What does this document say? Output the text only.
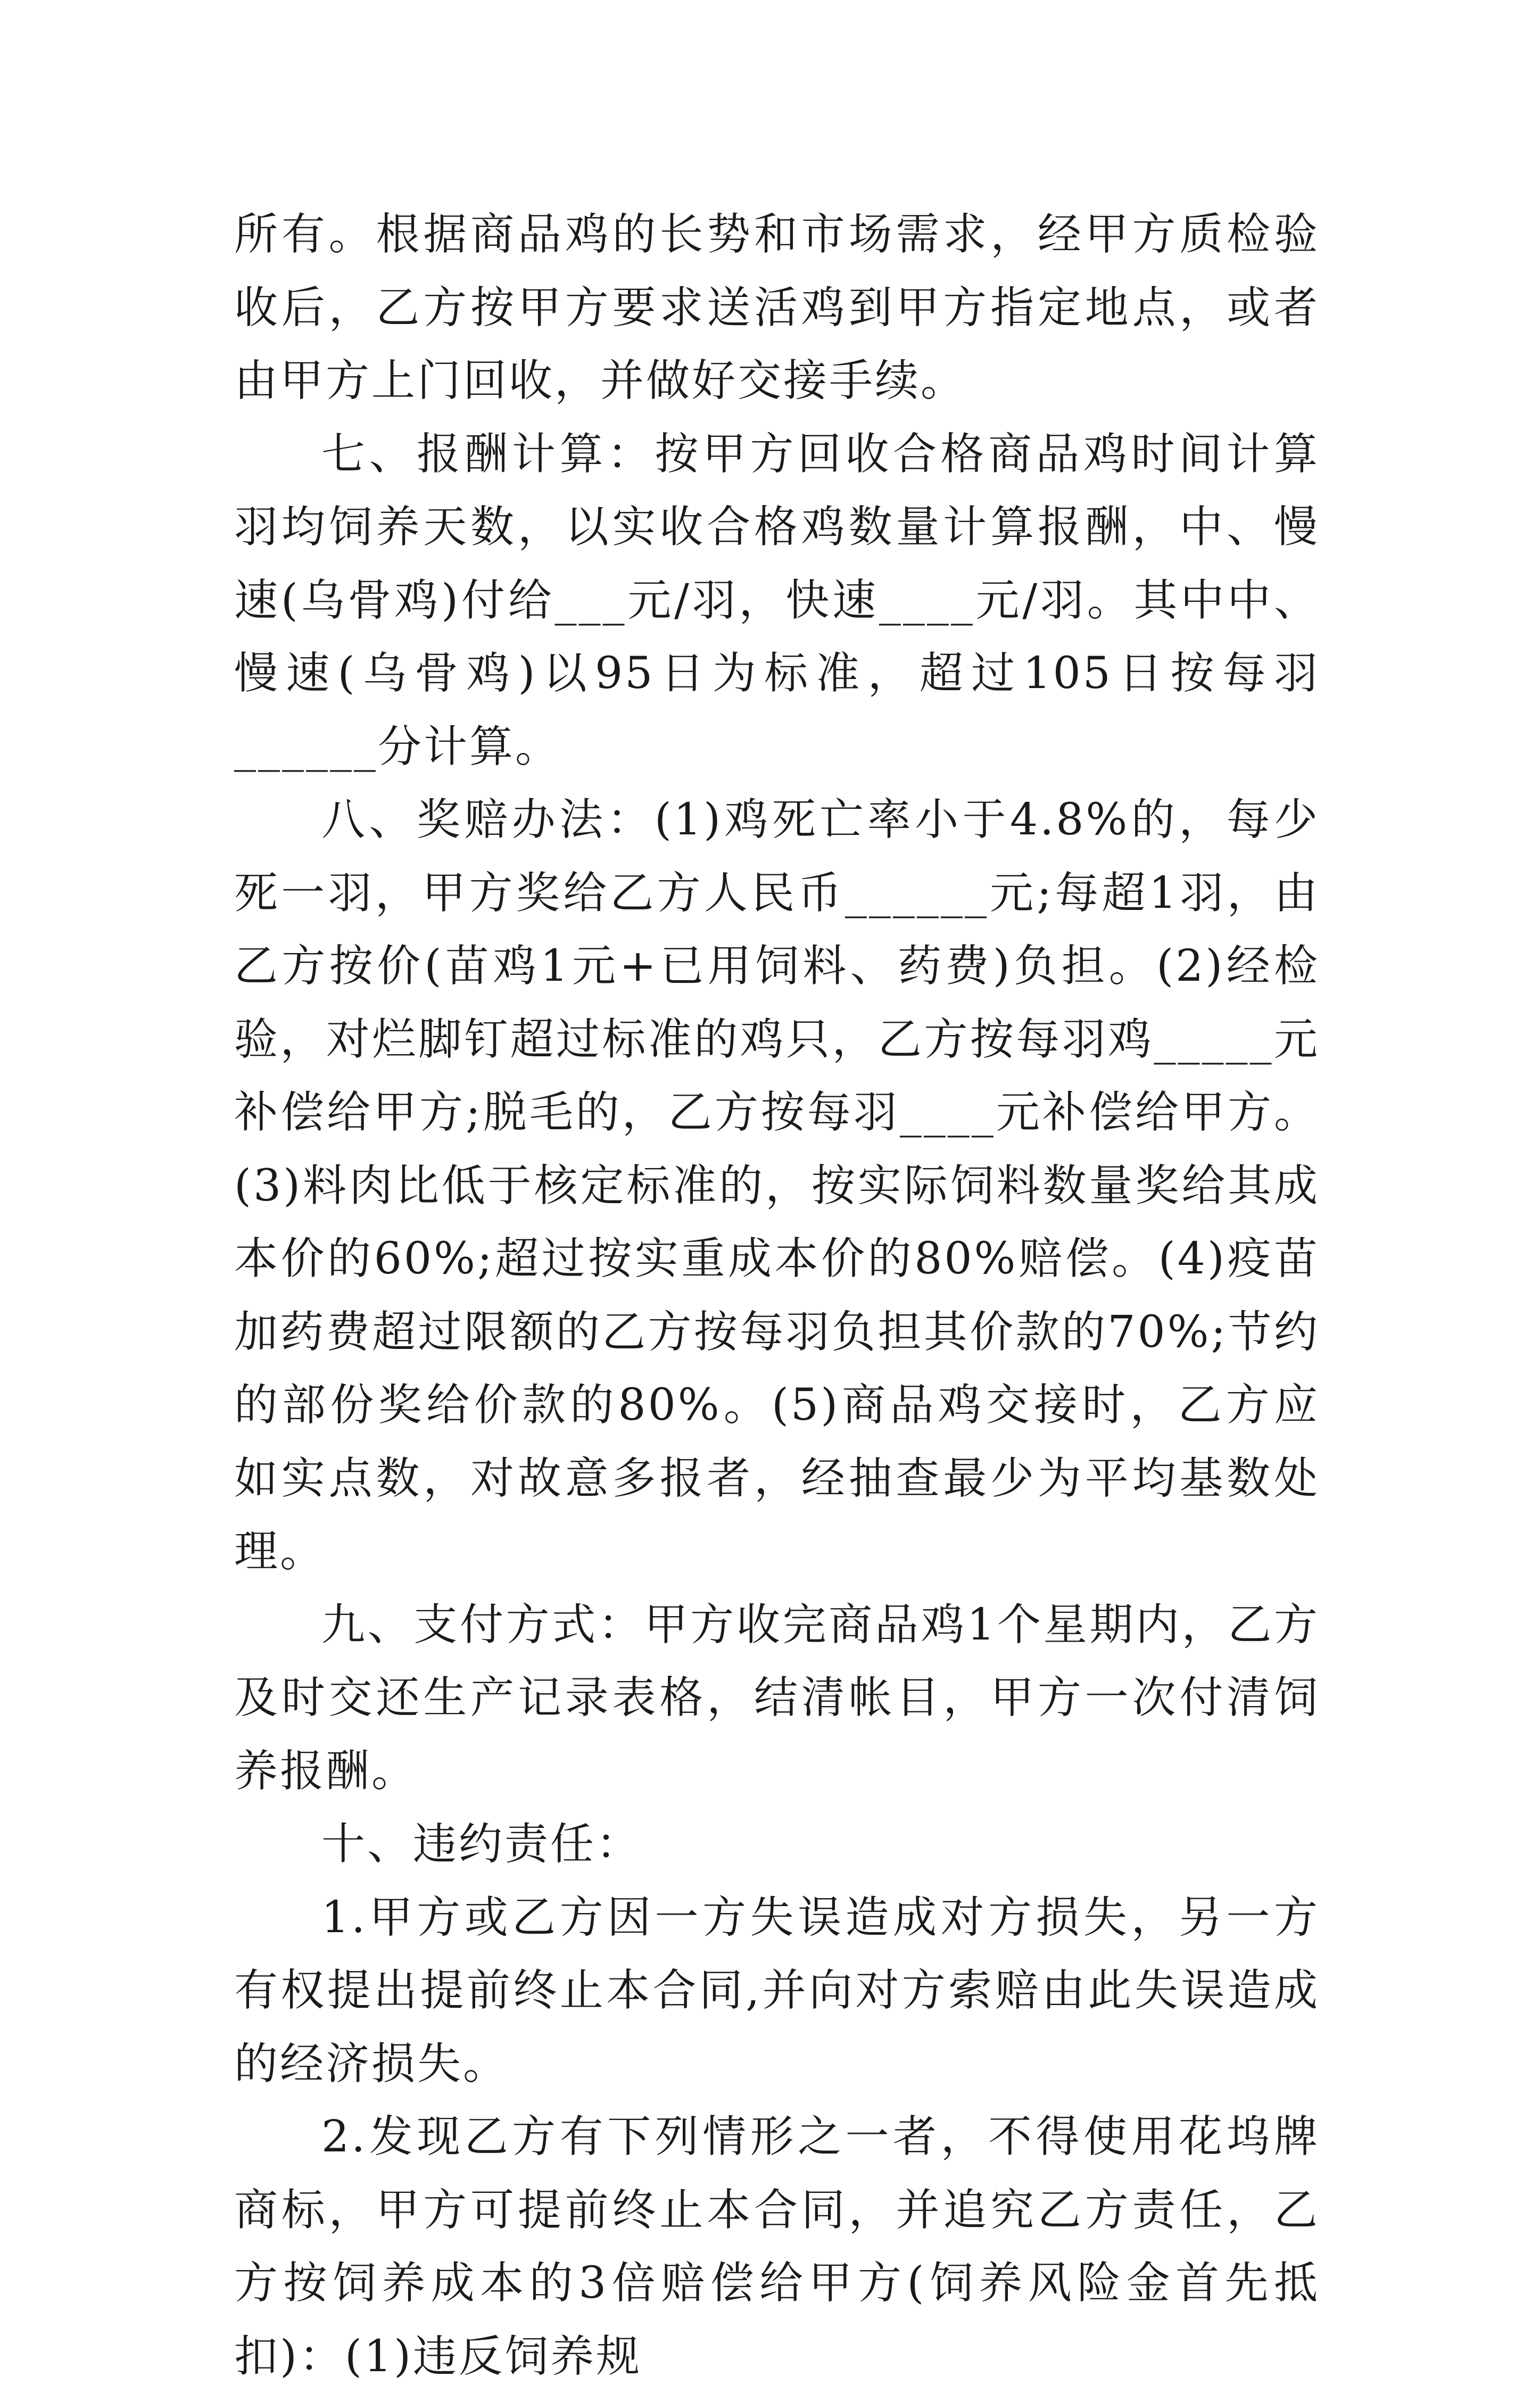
所有。根据商品鸡的长势和市场需求，经甲方质检验收后，乙方按甲方要求送活鸡到甲方指定地点，或者由甲方上门回收，并做好交接手续。

七、报酬计算：按甲方回收合格商品鸡时间计算羽均饲养天数，以实收合格鸡数量计算报酬，中、慢速(乌骨鸡)付给___元/羽，快速____元/羽。其中中、慢速(乌骨鸡)以95日为标准，超过105日按每羽______分计算。

八、奖赔办法：(1)鸡死亡率小于4.8%的，每少死一羽，甲方奖给乙方人民币______元;每超1羽，由乙方按价(苗鸡1元+已用饲料、药费)负担。(2)经检验，对烂脚钉超过标准的鸡只，乙方按每羽鸡_____元补偿给甲方;脱毛的，乙方按每羽____元补偿给甲方。(3)料肉比低于核定标准的，按实际饲料数量奖给其成本价的60%;超过按实重成本价的80%赔偿。(4)疫苗加药费超过限额的乙方按每羽负担其价款的70%;节约的部份奖给价款的80%。(5)商品鸡交接时，乙方应如实点数，对故意多报者，经抽查最少为平均基数处理。

九、支付方式：甲方收完商品鸡1个星期内，乙方及时交还生产记录表格，结清帐目，甲方一次付清饲养报酬。

十、违约责任：

1.甲方或乙方因一方失误造成对方损失，另一方有权提出提前终止本合同,并向对方索赔由此失误造成的经济损失。

2.发现乙方有下列情形之一者，不得使用花坞牌商标，甲方可提前终止本合同，并追究乙方责任，乙方按饲养成本的3倍赔偿给甲方(饲养风险金首先抵扣)：(1)违反饲养规
